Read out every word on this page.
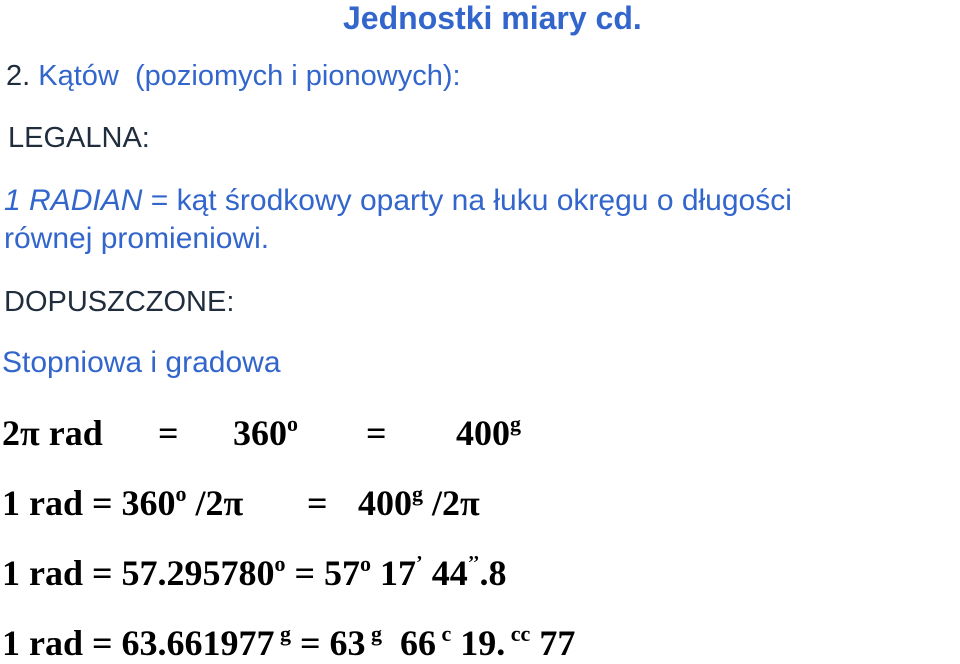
Jednostki miary cd.
2. Kątów  (poziomych i pionowych):
LEGALNA:
1 RADIAN = kąt środkowy oparty na łuku okręgu o długości
równej promieniowi.
DOPUSZCZONE:
Stopniowa i gradowa
2π rad = $360^o = 400^g$
1 rad = $360^o$ $/2\pi = 400^g$ /2π
1 rad = $57.295780^o = 57^o$ 17’ 44’’.8
1 rad = 63.661977 $^g$ = 63 $^g$  66 $^c$ 19. $^{cc}$ 77
